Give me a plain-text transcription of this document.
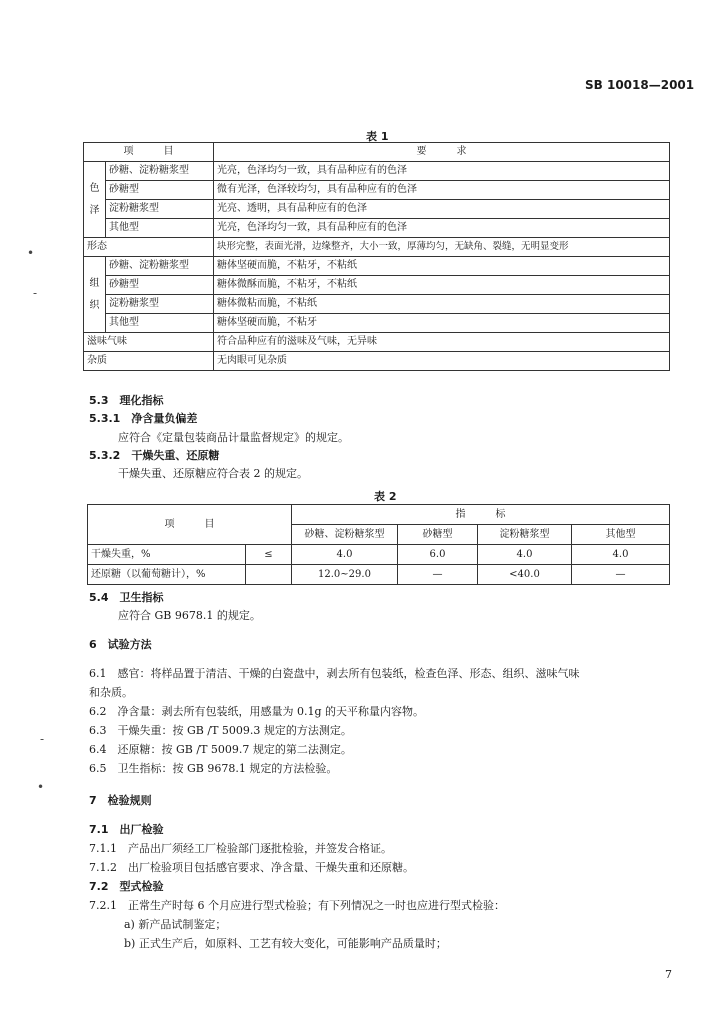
SB 10018—2001
表 1
项　　　目		要　　　求
色　泽	砂糖、淀粉糖浆型	光亮，色泽均匀一致，具有品种应有的色泽
	砂糖型	微有光泽，色泽较均匀，具有品种应有的色泽
	淀粉糖浆型	光亮、透明，具有品种应有的色泽
	其他型	光亮，色泽均匀一致，具有品种应有的色泽
形态		块形完整，表面光滑，边缘整齐，大小一致，厚薄均匀，无缺角、裂缝，无明显变形
组　织	砂糖、淀粉糖浆型	糖体坚硬而脆，不粘牙，不粘纸
	砂糖型	糖体微酥而脆，不粘牙，不粘纸
	淀粉糖浆型	糖体微粘而脆，不粘纸
	其他型	糖体坚硬而脆，不粘牙
滋味气味		符合品种应有的滋味及气味，无异味
杂质		无肉眼可见杂质
5.3　理化指标
5.3.1　净含量负偏差
应符合《定量包装商品计量监督规定》的规定。
5.3.2　干燥失重、还原糖
干燥失重、还原糖应符合表 2 的规定。
表 2
项　　　目		指　　　标			
		砂糖、淀粉糖浆型	砂糖型	淀粉糖浆型	其他型
干燥失重，%	≤	4.0	6.0	4.0	4.0
还原糖（以葡萄糖计），%		12.0~29.0	—	<40.0	—
5.4　卫生指标
应符合 GB 9678.1 的规定。
6　试验方法
6.1　感官：将样品置于清洁、干燥的白瓷盘中，剥去所有包装纸，检查色泽、形态、组织、滋味气味
和杂质。
6.2　净含量：剥去所有包装纸，用感量为 0.1g 的天平称量内容物。
6.3　干燥失重：按 GB /T 5009.3 规定的方法测定。
6.4　还原糖：按 GB /T 5009.7 规定的第二法测定。
6.5　卫生指标：按 GB 9678.1 规定的方法检验。
7　检验规则
7.1　出厂检验
7.1.1　产品出厂须经工厂检验部门逐批检验，并签发合格证。
7.1.2　出厂检验项目包括感官要求、净含量、干燥失重和还原糖。
7.2　型式检验
7.2.1　正常生产时每 6 个月应进行型式检验；有下列情况之一时也应进行型式检验：
a) 新产品试制鉴定；
b) 正式生产后，如原料、工艺有较大变化，可能影响产品质量时；
7
•
-
-
•
